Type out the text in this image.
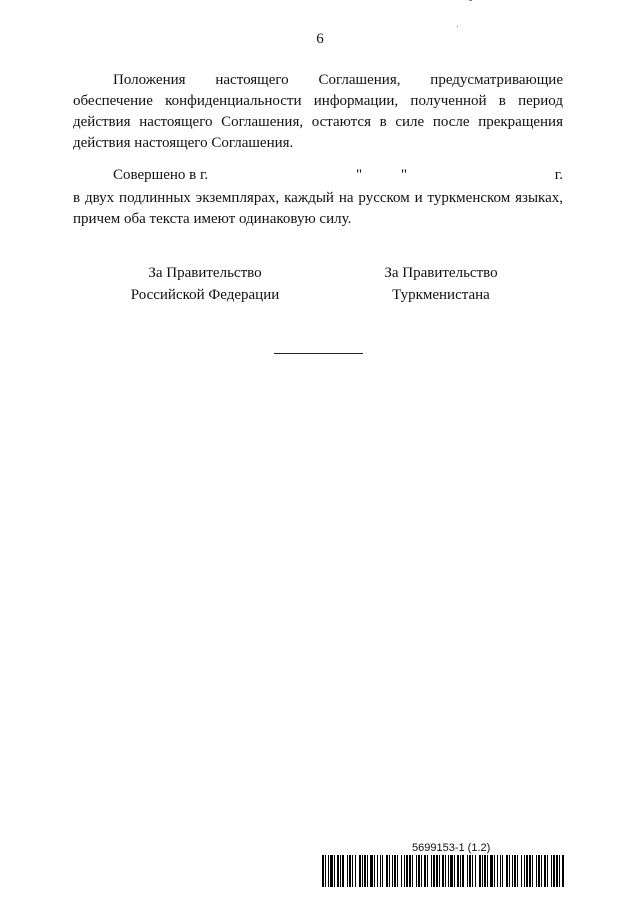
6
Положения настоящего Соглашения, предусматривающие
обеспечение конфиденциальности информации, полученной в период
действия настоящего Соглашения, остаются в силе после прекращения
действия настоящего Соглашения.
Совершено в г.	"	"	г.
в двух подлинных экземплярах, каждый на русском и туркменском языках,
причем оба текста имеют одинаковую силу.
За Правительство
Российской Федерации
За Правительство
Туркменистана
5699153-1 (1.2)
